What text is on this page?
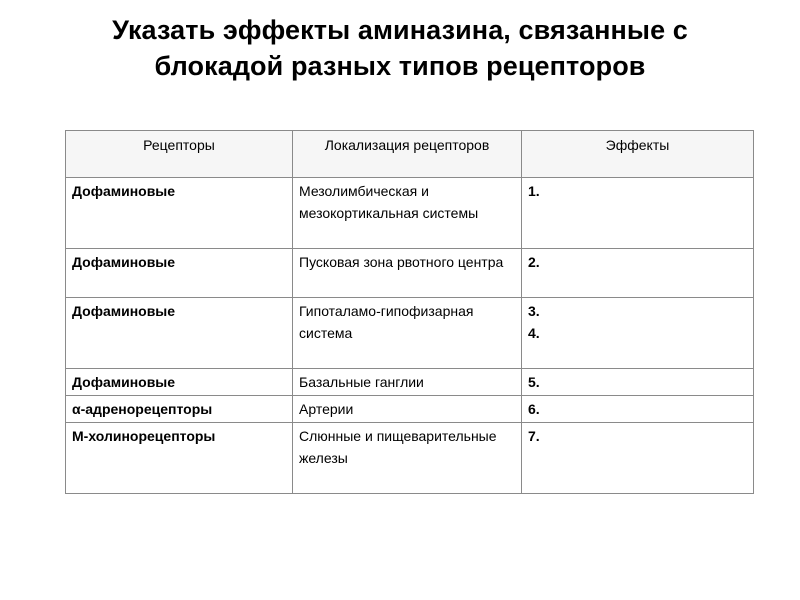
Указать эффекты аминазина, связанные с
блокадой разных типов рецепторов
Рецепторы	Локализация рецепторов	Эффекты
Дофаминовые	Мезолимбическая и мезокортикальная системы	1.

Дофаминовые	Пусковая зона рвотного центра	2.

Дофаминовые	Гипоталамо-гипофизарная система	3.
4.

Дофаминовые	Базальные ганглии	5.

α-адренорецепторы	Артерии	6.

М-холинорецепторы	Слюнные и пищеварительные железы	7.
